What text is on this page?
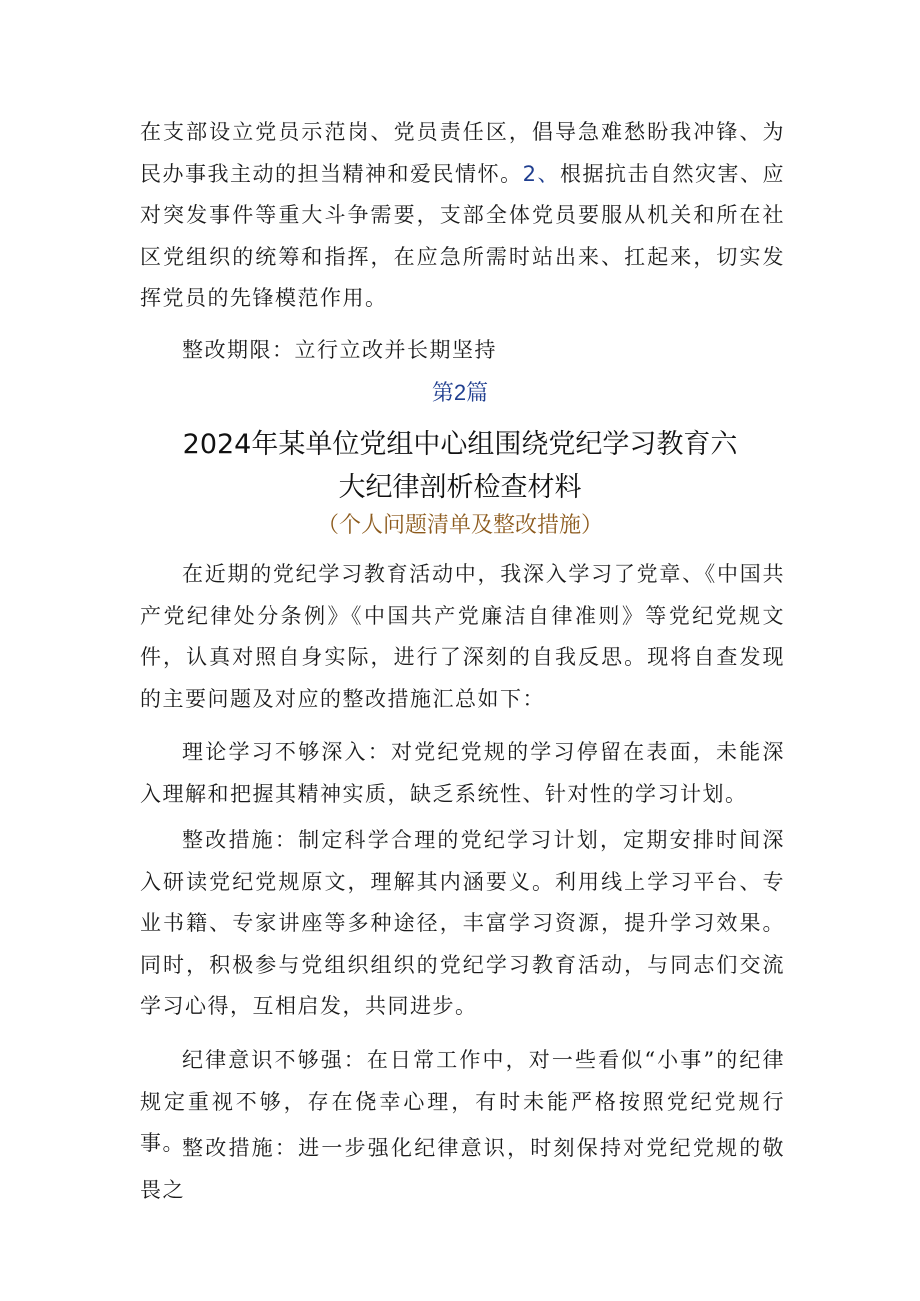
在支部设立党员示范岗、党员责任区，倡导急难愁盼我冲锋、为民办事我主动的担当精神和爱民情怀。2、根据抗击自然灾害、应对突发事件等重大斗争需要，支部全体党员要服从机关和所在社区党组织的统筹和指挥，在应急所需时站出来、扛起来，切实发挥党员的先锋模范作用。

整改期限：立行立改并长期坚持

第2篇

2024年某单位党组中心组围绕党纪学习教育六

大纪律剖析检查材料

（个人问题清单及整改措施）

在近期的党纪学习教育活动中，我深入学习了党章、《中国共产党纪律处分条例》《中国共产党廉洁自律准则》等党纪党规文件，认真对照自身实际，进行了深刻的自我反思。现将自查发现的主要问题及对应的整改措施汇总如下：

理论学习不够深入：对党纪党规的学习停留在表面，未能深入理解和把握其精神实质，缺乏系统性、针对性的学习计划。

整改措施：制定科学合理的党纪学习计划，定期安排时间深入研读党纪党规原文，理解其内涵要义。利用线上学习平台、专业书籍、专家讲座等多种途径，丰富学习资源，提升学习效果。同时，积极参与党组织组织的党纪学习教育活动，与同志们交流学习心得，互相启发，共同进步。

纪律意识不够强：在日常工作中，对一些看似“小事”的纪律规定重视不够，存在侥幸心理，有时未能严格按照党纪党规行事。

整改措施：进一步强化纪律意识，时刻保持对党纪党规的敬畏之
